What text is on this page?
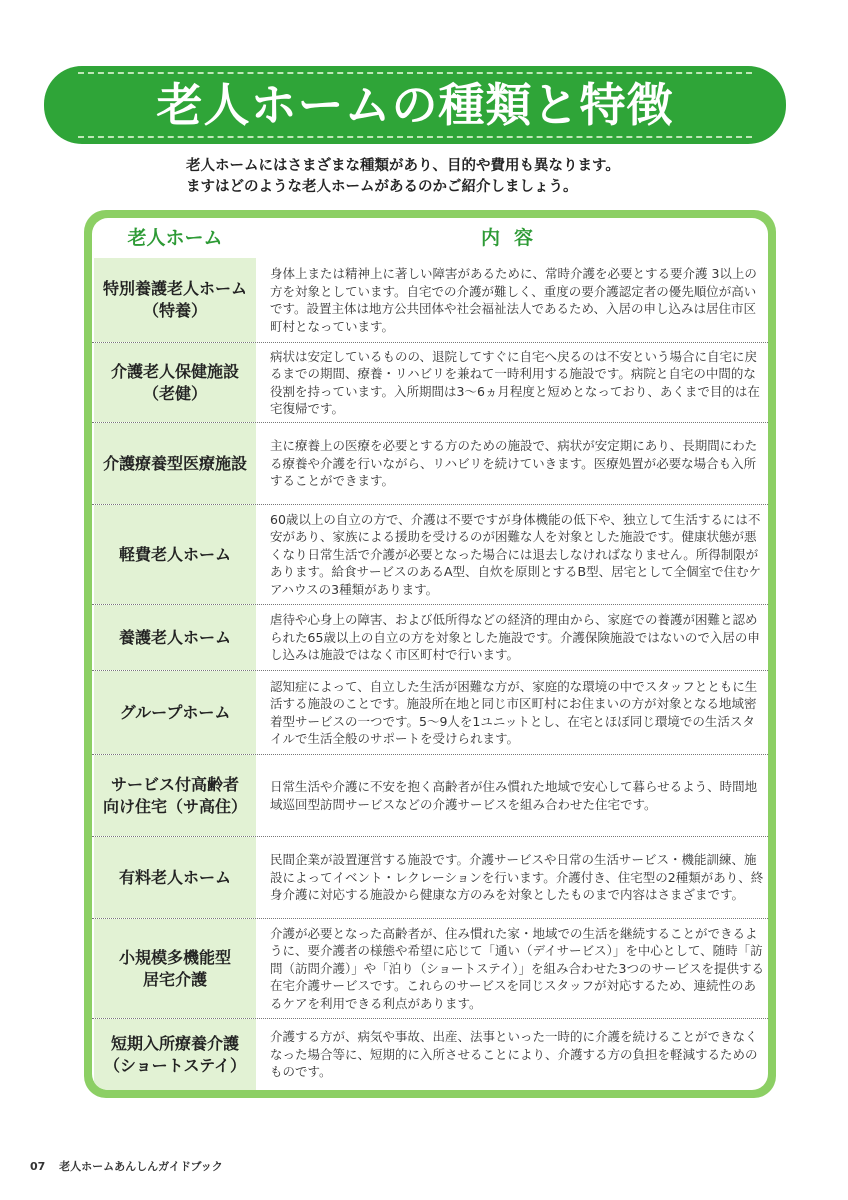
老人ホームの種類と特徴
老人ホームにはさまざまな種類があり、目的や費用も異なります。
ますはどのような老人ホームがあるのかご紹介しましょう。
老人ホーム	内容
特別養護老人ホーム
（特養）
身体上または精神上に著しい障害があるために、常時介護を必要とする要介護 3以上の方を対象としています。自宅での介護が難しく、重度の要介護認定者の優先順位が高いです。設置主体は地方公共団体や社会福祉法人であるため、入居の申し込みは居住市区町村となっています。
介護老人保健施設
（老健）
病状は安定しているものの、退院してすぐに自宅へ戻るのは不安という場合に自宅に戻るまでの期間、療養・リハビリを兼ねて一時利用する施設です。病院と自宅の中間的な役割を持っています。入所期間は3〜6ヵ月程度と短めとなっており、あくまで目的は在宅復帰です。
介護療養型医療施設
主に療養上の医療を必要とする方のための施設で、病状が安定期にあり、長期間にわたる療養や介護を行いながら、リハビリを続けていきます。医療処置が必要な場合も入所することができます。
軽費老人ホーム
60歳以上の自立の方で、介護は不要ですが身体機能の低下や、独立して生活するには不安があり、家族による援助を受けるのが困難な人を対象とした施設です。健康状態が悪くなり日常生活で介護が必要となった場合には退去しなければなりません。所得制限があります。給食サービスのあるA型、自炊を原則とするB型、居宅として全個室で住むケアハウスの3種類があります。
養護老人ホーム
虐待や心身上の障害、および低所得などの経済的理由から、家庭での養護が困難と認められた65歳以上の自立の方を対象とした施設です。介護保険施設ではないので入居の申し込みは施設ではなく市区町村で行います。
グループホーム
認知症によって、自立した生活が困難な方が、家庭的な環境の中でスタッフとともに生活する施設のことです。施設所在地と同じ市区町村にお住まいの方が対象となる地域密着型サービスの一つです。5〜9人を1ユニットとし、在宅とほぼ同じ環境での生活スタイルで生活全般のサポートを受けられます。
サービス付高齢者
向け住宅（サ高住）
日常生活や介護に不安を抱く高齢者が住み慣れた地域で安心して暮らせるよう、時間地域巡回型訪問サービスなどの介護サービスを組み合わせた住宅です。
有料老人ホーム
民間企業が設置運営する施設です。介護サービスや日常の生活サービス・機能訓練、施設によってイベント・レクレーションを行います。介護付き、住宅型の2種類があり、終身介護に対応する施設から健康な方のみを対象としたものまで内容はさまざまです。
小規模多機能型
居宅介護
介護が必要となった高齢者が、住み慣れた家・地域での生活を継続することができるように、要介護者の様態や希望に応じて「通い（デイサービス）」を中心として、随時「訪問（訪問介護）」や「泊り（ショートステイ）」を組み合わせた3つのサービスを提供する在宅介護サービスです。これらのサービスを同じスタッフが対応するため、連続性のあるケアを利用できる利点があります。
短期入所療養介護
（ショートステイ）
介護する方が、病気や事故、出産、法事といった一時的に介護を続けることができなくなった場合等に、短期的に入所させることにより、介護する方の負担を軽減するためのものです。
07 老人ホームあんしんガイドブック
